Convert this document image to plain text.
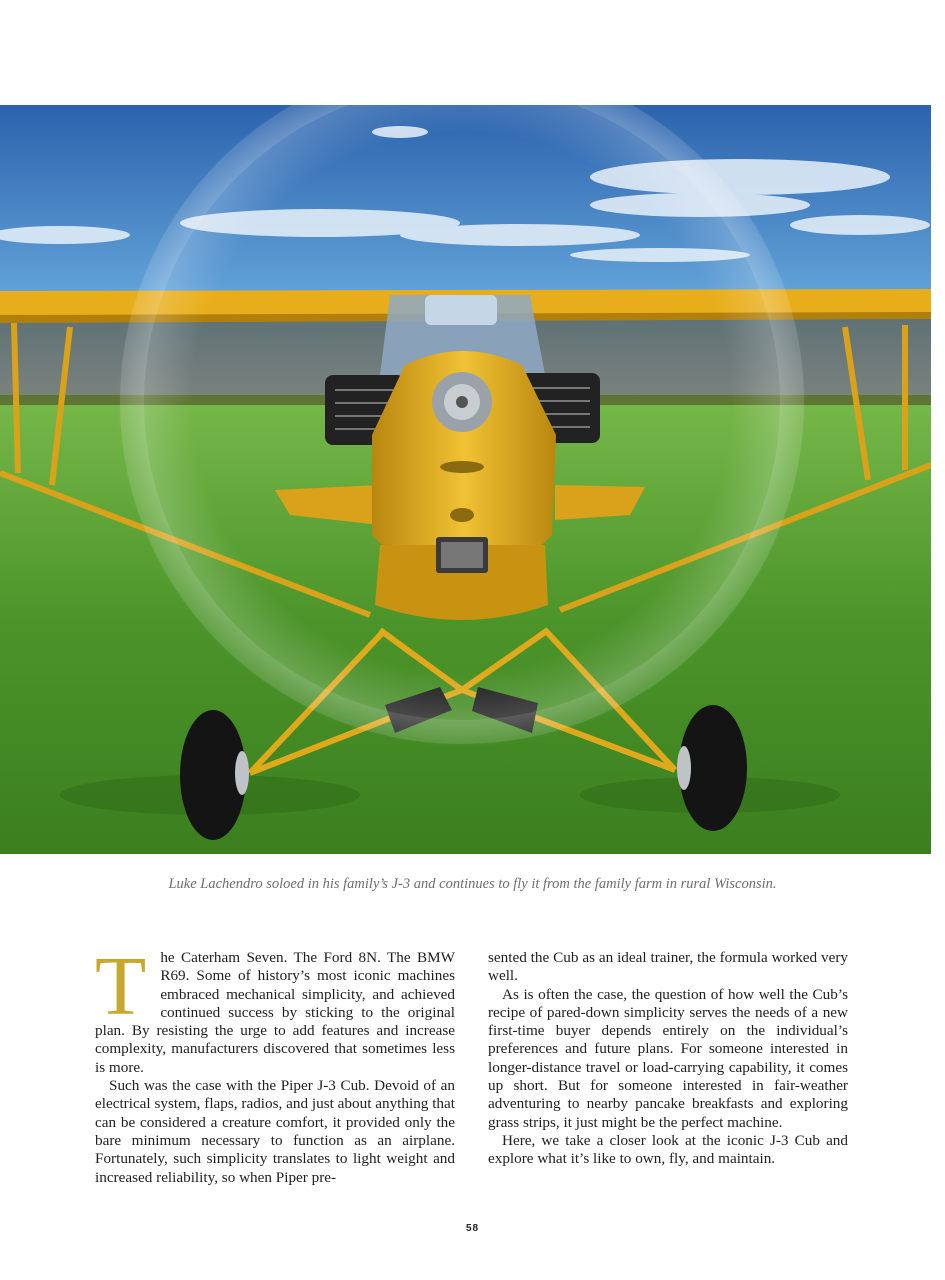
Luke Lachendro soloed in his family’s J-3 and continues to fly it from the family farm in rural Wisconsin.

The Caterham Seven. The Ford 8N. The BMW R69. Some of history’s most iconic machines embraced mechanical simplicity, and achieved continued success by sticking to the original plan. By resisting the urge to add features and increase complexity, manufacturers discovered that sometimes less is more.

Such was the case with the Piper J-3 Cub. Devoid of an electrical system, flaps, radios, and just about anything that can be considered a creature comfort, it provided only the bare minimum necessary to function as an airplane. Fortunately, such simplicity translates to light weight and increased reliability, so when Piper pre-

sented the Cub as an ideal trainer, the formula worked very well.

As is often the case, the question of how well the Cub’s recipe of pared-down simplicity serves the needs of a new first-time buyer depends entirely on the individual’s preferences and future plans. For someone interested in longer-distance travel or load-carrying capability, it comes up short. But for someone interested in fair-weather adventuring to nearby pancake breakfasts and exploring grass strips, it just might be the perfect machine.

Here, we take a closer look at the iconic J-3 Cub and explore what it’s like to own, fly, and maintain.

58
